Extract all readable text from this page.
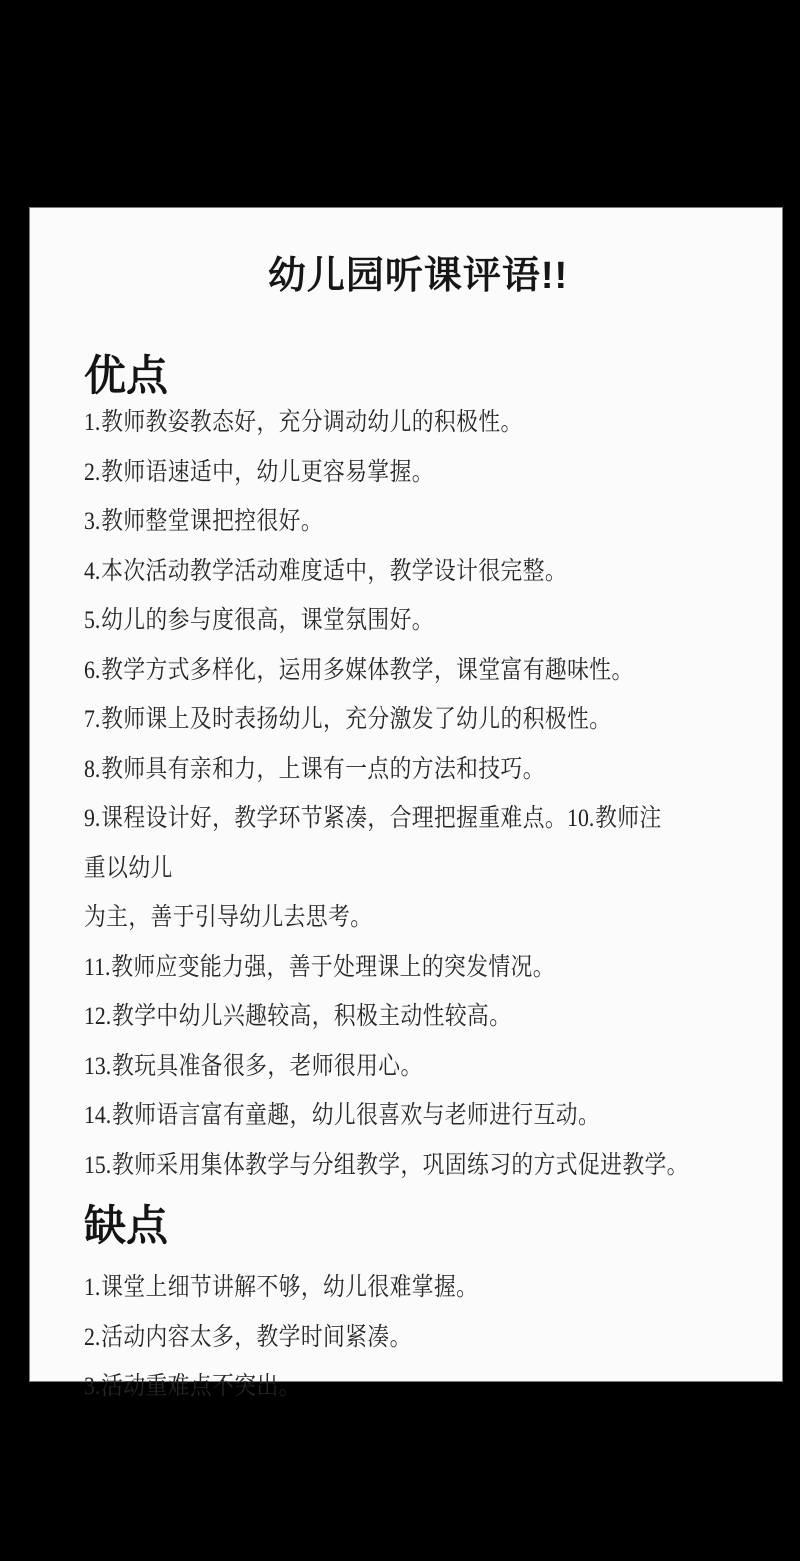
幼儿园听课评语!!
优点

1.教师教姿教态好，充分调动幼儿的积极性。

2.教师语速适中，幼儿更容易掌握。

3.教师整堂课把控很好。

4.本次活动教学活动难度适中，教学设计很完整。

5.幼儿的参与度很高，课堂氛围好。

6.教学方式多样化，运用多媒体教学，课堂富有趣味性。

7.教师课上及时表扬幼儿，充分激发了幼儿的积极性。

8.教师具有亲和力，上课有一点的方法和技巧。

9.课程设计好，教学环节紧凑，合理把握重难点。10.教师注重以幼儿
为主，善于引导幼儿去思考。

11.教师应变能力强，善于处理课上的突发情况。

12.教学中幼儿兴趣较高，积极主动性较高。

13.教玩具准备很多，老师很用心。

14.教师语言富有童趣，幼儿很喜欢与老师进行互动。

15.教师采用集体教学与分组教学，巩固练习的方式促进教学。

缺点

1.课堂上细节讲解不够，幼儿很难掌握。

2.活动内容太多，教学时间紧凑。

3.活动重难点不突出。
